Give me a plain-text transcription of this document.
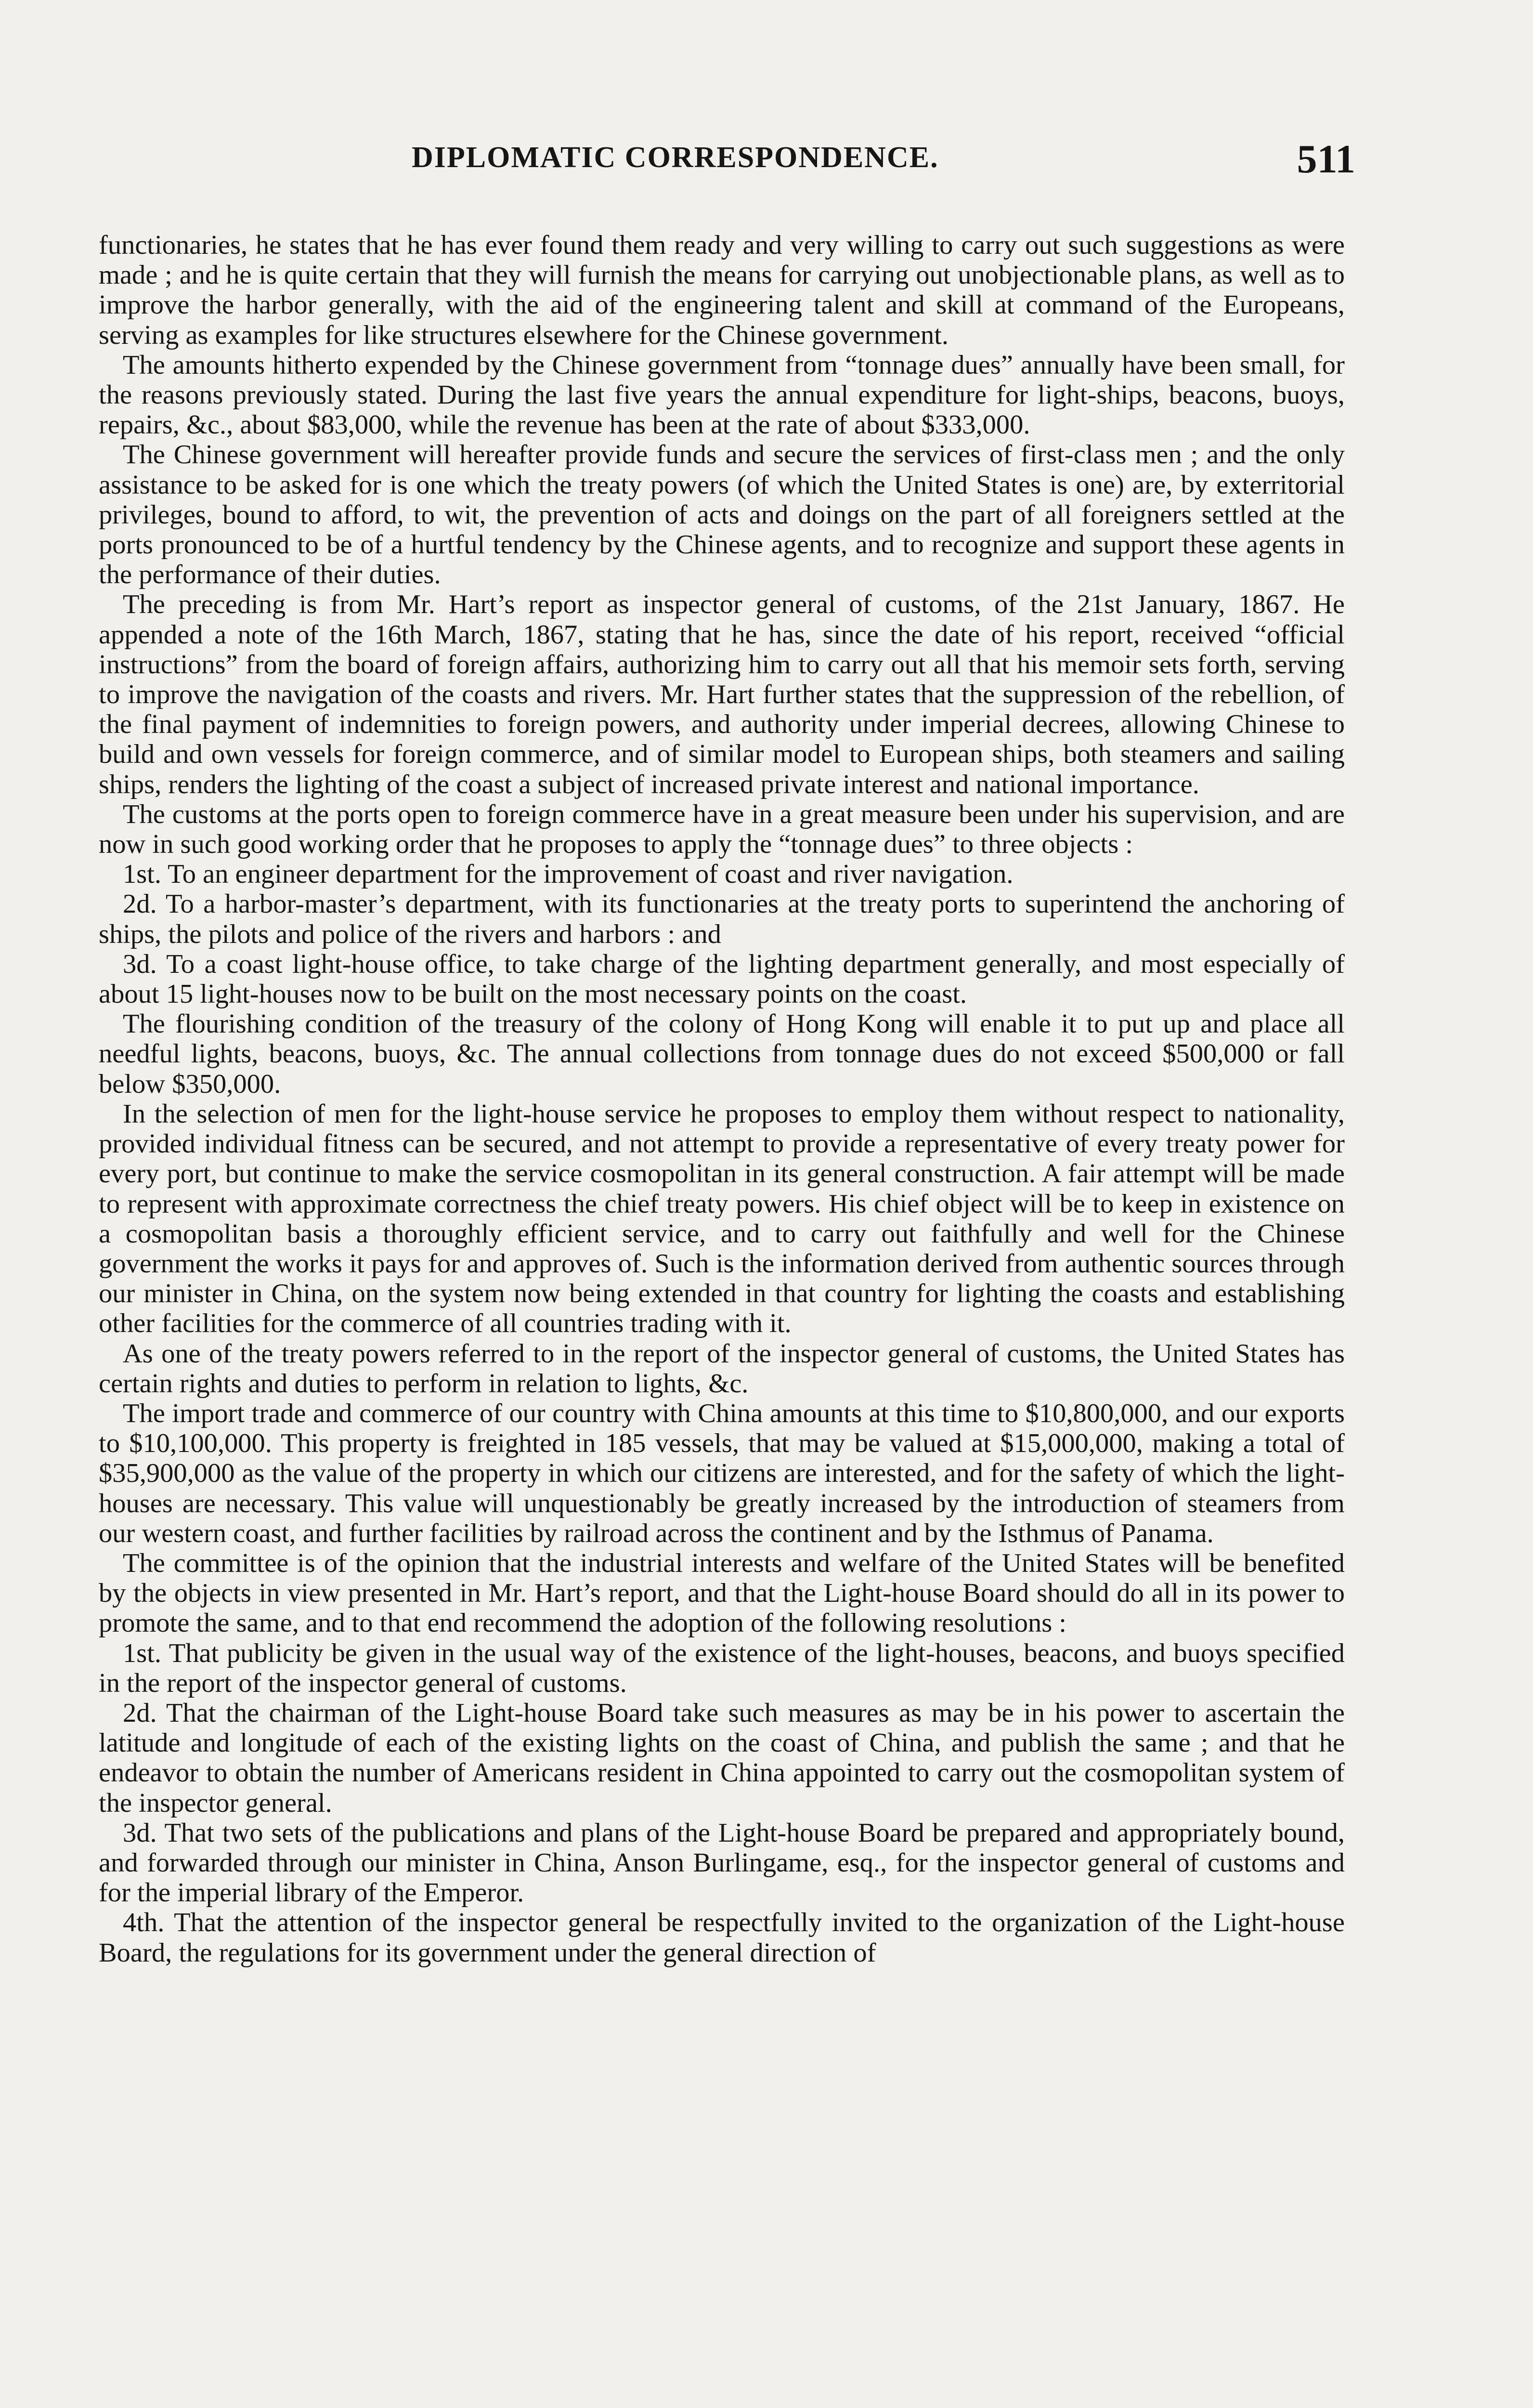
DIPLOMATIC CORRESPONDENCE.	511

functionaries, he states that he has ever found them ready and very willing to carry out such suggestions as were made ; and he is quite certain that they will furnish the means for carrying out unobjectionable plans, as well as to improve the harbor generally, with the aid of the engineering talent and skill at command of the Europeans, serving as examples for like structures elsewhere for the Chinese government.

The amounts hitherto expended by the Chinese government from “tonnage dues” annually have been small, for the reasons previously stated. During the last five years the annual expenditure for light-ships, beacons, buoys, repairs, &c., about $83,000, while the revenue has been at the rate of about $333,000.

The Chinese government will hereafter provide funds and secure the services of first-class men ; and the only assistance to be asked for is one which the treaty powers (of which the United States is one) are, by exterritorial privileges, bound to afford, to wit, the prevention of acts and doings on the part of all foreigners settled at the ports pronounced to be of a hurtful tendency by the Chinese agents, and to recognize and support these agents in the performance of their duties.

The preceding is from Mr. Hart’s report as inspector general of customs, of the 21st January, 1867. He appended a note of the 16th March, 1867, stating that he has, since the date of his report, received “official instructions” from the board of foreign affairs, authorizing him to carry out all that his memoir sets forth, serving to improve the navigation of the coasts and rivers. Mr. Hart further states that the suppression of the rebellion, of the final payment of indemnities to foreign powers, and authority under imperial decrees, allowing Chinese to build and own vessels for foreign commerce, and of similar model to European ships, both steamers and sailing ships, renders the lighting of the coast a subject of increased private interest and national importance.

The customs at the ports open to foreign commerce have in a great measure been under his supervision, and are now in such good working order that he proposes to apply the “tonnage dues” to three objects :

1st. To an engineer department for the improvement of coast and river navigation.

2d. To a harbor-master’s department, with its functionaries at the treaty ports to superintend the anchoring of ships, the pilots and police of the rivers and harbors : and

3d. To a coast light-house office, to take charge of the lighting department generally, and most especially of about 15 light-houses now to be built on the most necessary points on the coast.

The flourishing condition of the treasury of the colony of Hong Kong will enable it to put up and place all needful lights, beacons, buoys, &c. The annual collections from tonnage dues do not exceed $500,000 or fall below $350,000.

In the selection of men for the light-house service he proposes to employ them without respect to nationality, provided individual fitness can be secured, and not attempt to provide a representative of every treaty power for every port, but continue to make the service cosmopolitan in its general construction. A fair attempt will be made to represent with approximate correctness the chief treaty powers. His chief object will be to keep in existence on a cosmopolitan basis a thoroughly efficient service, and to carry out faithfully and well for the Chinese government the works it pays for and approves of. Such is the information derived from authentic sources through our minister in China, on the system now being extended in that country for lighting the coasts and establishing other facilities for the commerce of all countries trading with it.

As one of the treaty powers referred to in the report of the inspector general of customs, the United States has certain rights and duties to perform in relation to lights, &c.

The import trade and commerce of our country with China amounts at this time to $10,800,000, and our exports to $10,100,000. This property is freighted in 185 vessels, that may be valued at $15,000,000, making a total of $35,900,000 as the value of the property in which our citizens are interested, and for the safety of which the light-houses are necessary. This value will unquestionably be greatly increased by the introduction of steamers from our western coast, and further facilities by railroad across the continent and by the Isthmus of Panama.

The committee is of the opinion that the industrial interests and welfare of the United States will be benefited by the objects in view presented in Mr. Hart’s report, and that the Light-house Board should do all in its power to promote the same, and to that end recommend the adoption of the following resolutions :

1st. That publicity be given in the usual way of the existence of the light-houses, beacons, and buoys specified in the report of the inspector general of customs.

2d. That the chairman of the Light-house Board take such measures as may be in his power to ascertain the latitude and longitude of each of the existing lights on the coast of China, and publish the same ; and that he endeavor to obtain the number of Americans resident in China appointed to carry out the cosmopolitan system of the inspector general.

3d. That two sets of the publications and plans of the Light-house Board be prepared and appropriately bound, and forwarded through our minister in China, Anson Burlingame, esq., for the inspector general of customs and for the imperial library of the Emperor.

4th. That the attention of the inspector general be respectfully invited to the organization of the Light-house Board, the regulations for its government under the general direction of
